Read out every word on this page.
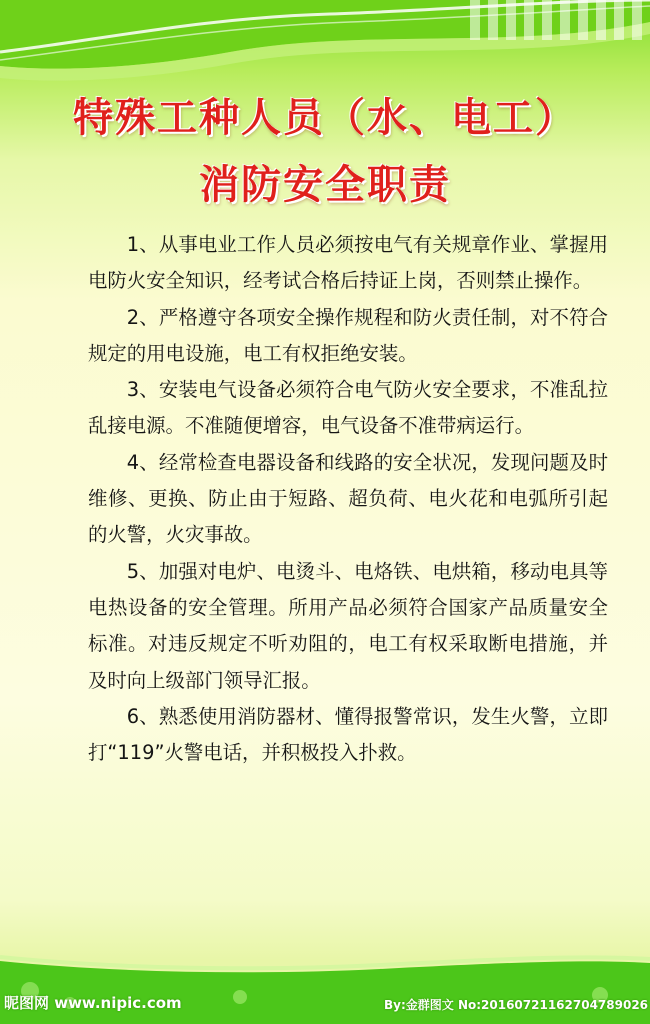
特殊工种人员（水、电工）
消防安全职责

1、从事电业工作人员必须按电气有关规章作业、掌握用电防火安全知识，经考试合格后持证上岗，否则禁止操作。

2、严格遵守各项安全操作规程和防火责任制，对不符合规定的用电设施，电工有权拒绝安装。

3、安装电气设备必须符合电气防火安全要求，不准乱拉乱接电源。不准随便增容，电气设备不准带病运行。

4、经常检查电器设备和线路的安全状况，发现问题及时维修、更换、防止由于短路、超负荷、电火花和电弧所引起的火警，火灾事故。

5、加强对电炉、电烫斗、电烙铁、电烘箱，移动电具等电热设备的安全管理。所用产品必须符合国家产品质量安全标准。对违反规定不听劝阻的，电工有权采取断电措施，并及时向上级部门领导汇报。

6、熟悉使用消防器材、懂得报警常识，发生火警，立即打“119”火警电话，并积极投入扑救。

昵图网 www.nipic.com	By:金群图文 No:20160721162704789026
